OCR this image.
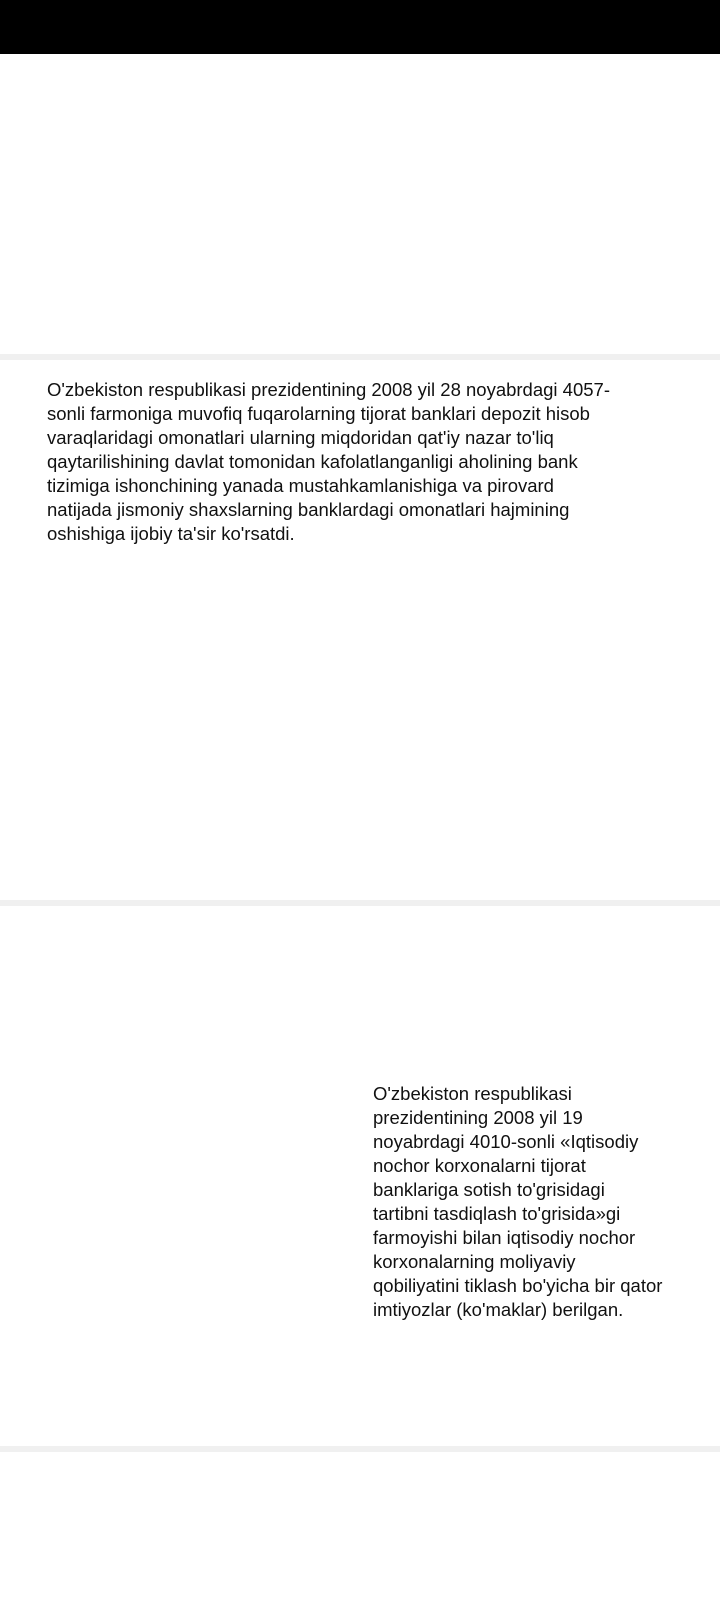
O'zbekiston respublikasi prezidentining 2008 yil 28 noyabrdagi 4057-sonli farmoniga muvofiq fuqarolarning tijorat banklari depozit hisob varaqlaridagi omonatlari ularning miqdoridan qat'iy nazar to'liq qaytarilishining davlat tomonidan kafolatlanganligi aholining bank tizimiga ishonchining yanada mustahkamlanishiga va pirovard natijada jismoniy shaxslarning banklardagi omonatlari hajmining oshishiga ijobiy ta'sir ko'rsatdi.

O'zbekiston respublikasi prezidentining 2008 yil 19 noyabrdagi 4010-sonli «Iqtisodiy nochor korxonalarni tijorat banklariga sotish to'grisidagi tartibni tasdiqlash to'grisida»gi farmoyishi bilan iqtisodiy nochor korxonalarning moliyaviy qobiliyatini tiklash bo'yicha bir qator imtiyozlar (ko'maklar) berilgan.
